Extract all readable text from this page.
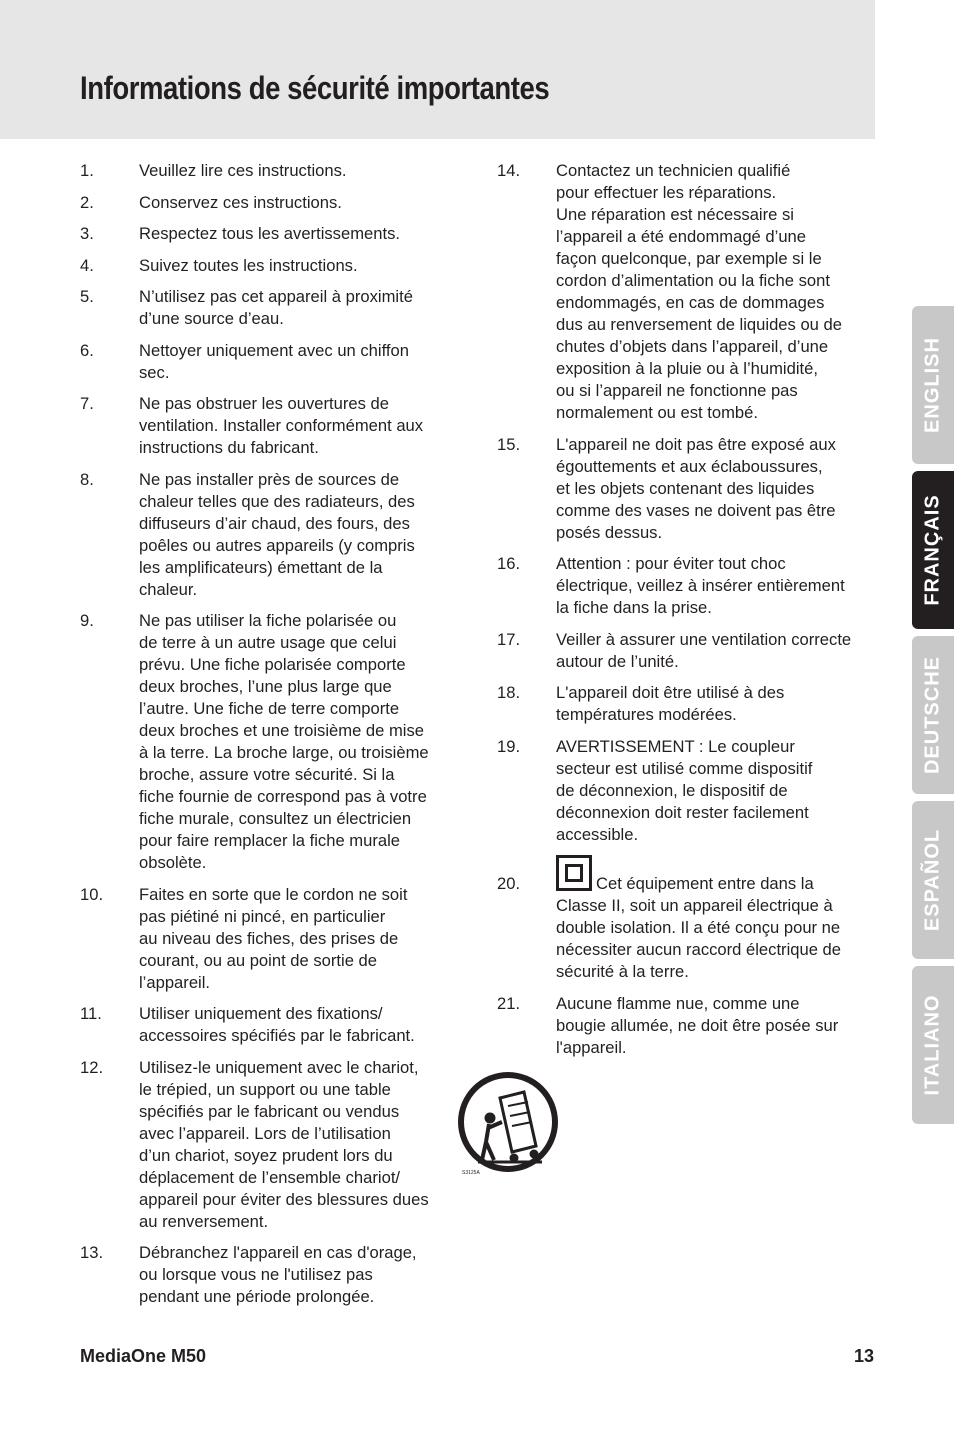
Informations de sécurité importantes
1.	Veuillez lire ces instructions.
2.	Conservez ces instructions.
3.	Respectez tous les avertissements.
4.	Suivez toutes les instructions.
5.	N’utilisez pas cet appareil à proximité
d’une source d’eau.
6.	Nettoyer uniquement avec un chiffon
sec.
7.	Ne pas obstruer les ouvertures de
ventilation. Installer conformément aux
instructions du fabricant.
8.	Ne pas installer près de sources de
chaleur telles que des radiateurs, des
diffuseurs d’air chaud, des fours, des
poêles ou autres appareils (y compris
les amplificateurs) émettant de la
chaleur.
9.	Ne pas utiliser la fiche polarisée ou
de terre à un autre usage que celui
prévu. Une fiche polarisée comporte
deux broches, l’une plus large que
l’autre. Une fiche de terre comporte
deux broches et une troisième de mise
à la terre. La broche large, ou troisième
broche, assure votre sécurité. Si la
fiche fournie de correspond pas à votre
fiche murale, consultez un électricien
pour faire remplacer la fiche murale
obsolète.
10. Faites en sorte que le cordon ne soit
pas piétiné ni pincé, en particulier
au niveau des fiches, des prises de
courant, ou au point de sortie de
l’appareil.
11. Utiliser uniquement des fixations/
accessoires spécifiés par le fabricant.
12. Utilisez-le uniquement avec le chariot,
le trépied, un support ou une table
spécifiés par le fabricant ou vendus
avec l’appareil. Lors de l’utilisation
d’un chariot, soyez prudent lors du
déplacement de l’ensemble chariot/
appareil pour éviter des blessures dues
au renversement.
13. Débranchez l'appareil en cas d'orage,
ou lorsque vous ne l'utilisez pas
pendant une période prolongée.
14. Contactez un technicien qualifié
pour effectuer les réparations.
Une réparation est nécessaire si
l’appareil a été endommagé d’une
façon quelconque, par exemple si le
cordon d’alimentation ou la fiche sont
endommagés, en cas de dommages
dus au renversement de liquides ou de
chutes d’objets dans l’appareil, d’une
exposition à la pluie ou à l’humidité,
ou si l’appareil ne fonctionne pas
normalement ou est tombé.
15. L'appareil ne doit pas être exposé aux
égouttements et aux éclaboussures,
et les objets contenant des liquides
comme des vases ne doivent pas être
posés dessus.
16. Attention : pour éviter tout choc
électrique, veillez à insérer entièrement
la fiche dans la prise.
17. Veiller à assurer une ventilation correcte
autour de l’unité.
18. L'appareil doit être utilisé à des
températures modérées.
19. AVERTISSEMENT : Le coupleur
secteur est utilisé comme dispositif
de déconnexion, le dispositif de
déconnexion doit rester facilement
accessible.
20.	Cet équipement entre dans la
Classe II, soit un appareil électrique à
double isolation. Il a été conçu pour ne
nécessiter aucun raccord électrique de
sécurité à la terre.
21. Aucune flamme nue, comme une
bougie allumée, ne doit être posée sur
l'appareil.
S3125A
ENGLISH
FRANÇAIS
DEUTSCHE
ESPAÑOL
ITALIANO
MediaOne M50	13
